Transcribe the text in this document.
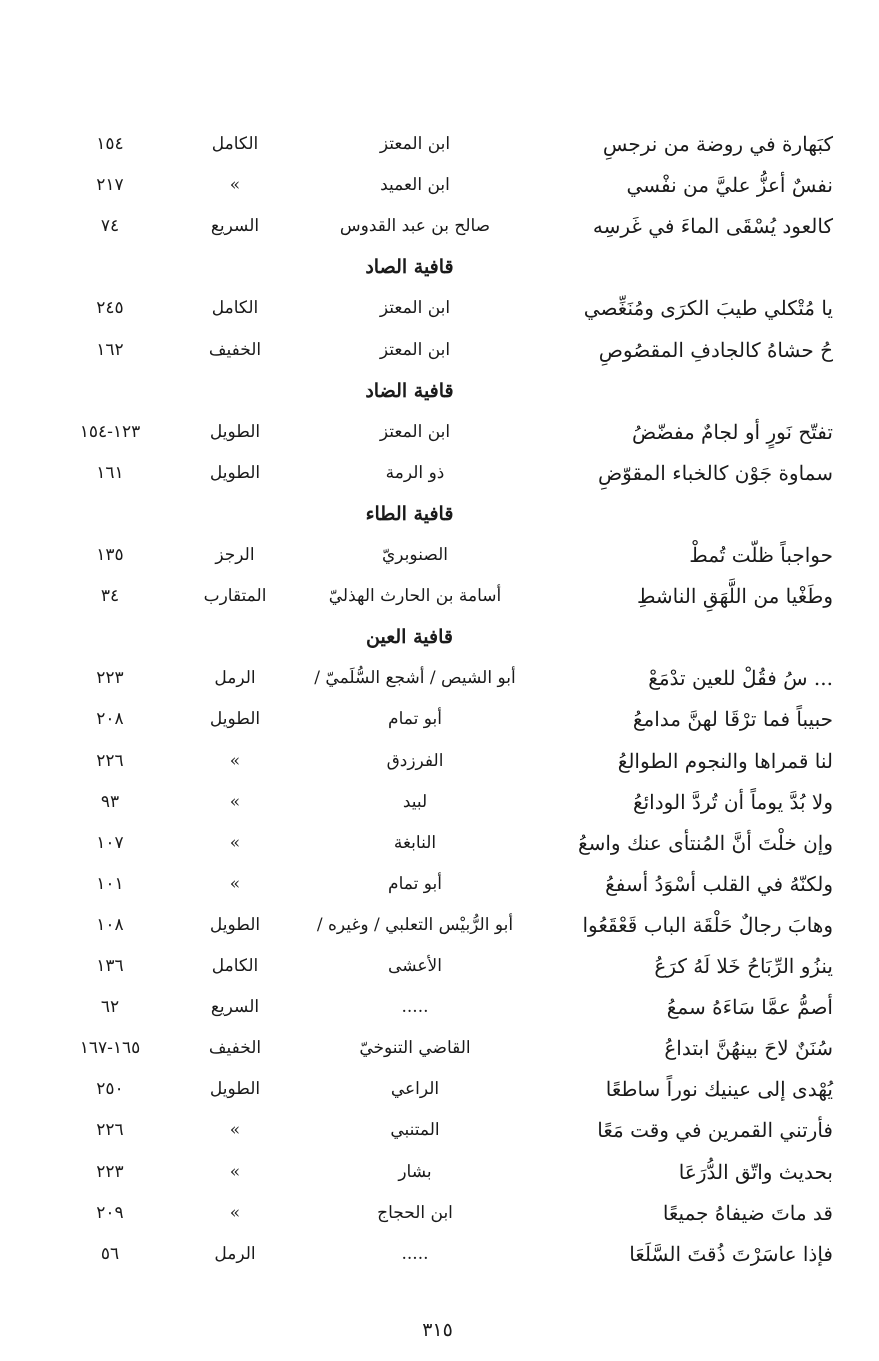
كبَهارة في روضة من نرجسِ
ابن المعتز
الكامل
١٥٤
نفسٌ أعزُّ عليَّ من نفْسي
ابن العميد
»
٢١٧
كالعود يُسْقَى الماءَ في غَرسِه
صالح بن عبد القدوس
السريع
٧٤
قافية الصاد
يا مُتْكلي طيبَ الكرَى ومُنَغِّصي
ابن المعتز
الكامل
٢٤٥
حُ حشاهُ كالجادفِ المقصُوصِ
ابن المعتز
الخفيف
١٦٢
قافية الضاد
تفتّح نَورٍ أو لجامٌ مفضّضُ
ابن المعتز
الطويل
١٢٣-١٥٤
سماوة جَوْن كالخباء المقوّضِ
ذو الرمة
الطويل
١٦١
قافية الطاء
حواجباً ظلّت تُمطْ
الصنوبريّ
الرجز
١٣٥
وطَغْيا من اللَّهَقِ الناشطِ
أسامة بن الحارث الهذليّ
المتقارب
٣٤
قافية العين
... سُ فقُلْ للعين تدْمَعْ
أبو الشيص / أشجع السُّلَميّ /
الرمل
٢٢٣
حبيباً فما ترْقَا لهنَّ مدامعُ
أبو تمام
الطويل
٢٠٨
لنا قمراها والنجوم الطوالعُ
الفرزدق
»
٢٢٦
ولا بُدَّ يوماً أن تُردَّ الودائعُ
لبيد
»
٩٣
وإن خلْتَ أنَّ المُنتأى عنك واسعُ
النابغة
»
١٠٧
ولكنّهُ في القلب أسْوَدُ أسفعُ
أبو تمام
»
١٠١
وهابَ رجالٌ حَلْقَة الباب قَعْقَعُوا
أبو الرُّبيْس التعلبي / وغيره /
الطويل
١٠٨
ينزُو الرِّبَاحُ خَلا لَهُ كرَعُ
الأعشى
الكامل
١٣٦
أصمُّ عمَّا سَاءَهُ سمعُ
.....
السريع
٦٢
سُنَنٌ لاحَ بينهُنَّ ابتداعُ
القاضي التنوخيّ
الخفيف
١٦٥-١٦٧
يُهْدى إلى عينيك نوراً ساطعًا
الراعي
الطويل
٢٥٠
فأرتني القمرين في وقت مَعًا
المتنبي
»
٢٢٦
بحديث واتّق الدُّرَعَا
بشار
»
٢٢٣
قد ماتَ ضيفاهُ جميعًا
ابن الحجاج
»
٢٠٩
فإذا عاسَرْتَ ذُقتَ السَّلَعَا
.....
الرمل
٥٦
٣١٥
